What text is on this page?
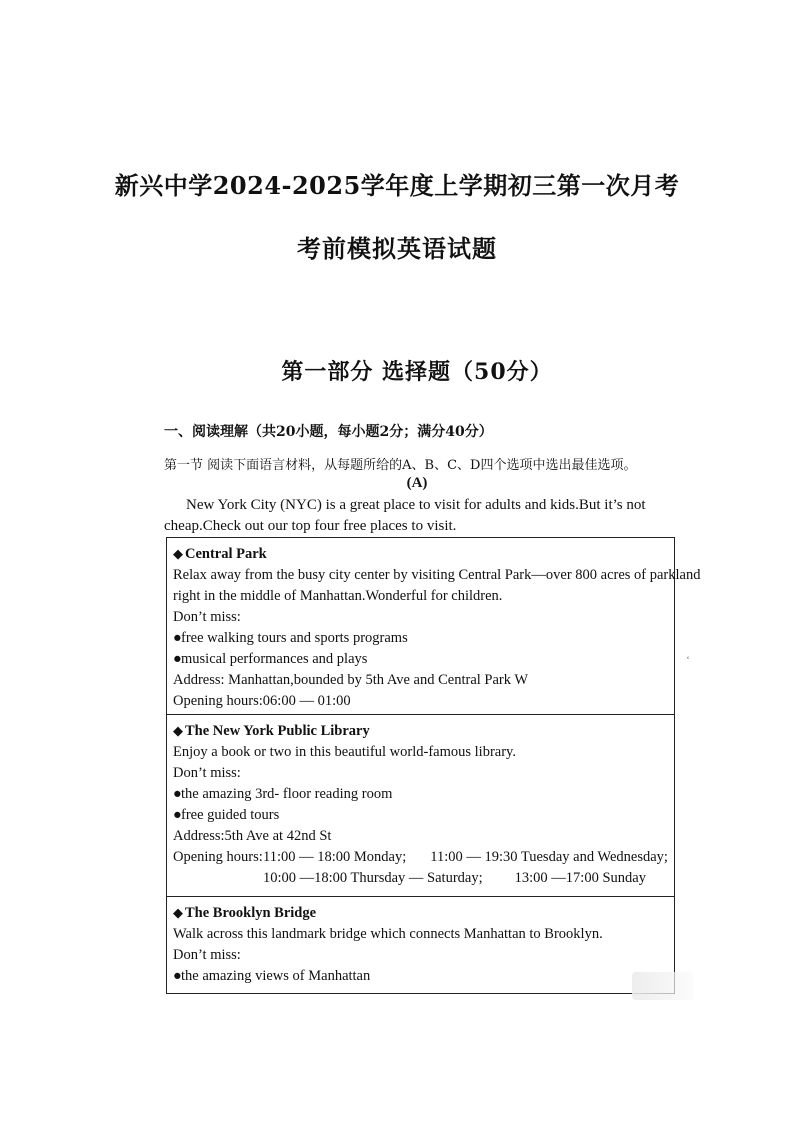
新兴中学2024-2025学年度上学期初三第一次月考
考前模拟英语试题
第一部分 选择题（50分）
一、阅读理解（共20小题，每小题2分；满分40分）
第一节 阅读下面语言材料，从每题所给的A、B、C、D四个选项中选出最佳选项。
(A)
New York City (NYC) is a great place to visit for adults and kids.But it’s not cheap.Check out our top four free places to visit.
◆ Central Park
Relax away from the busy city center by visiting Central Park—over 800 acres of parkland
right in the middle of Manhattan.Wonderful for children.
Don’t miss:
●free walking tours and sports programs
●musical performances and plays
Address: Manhattan,bounded by 5th Ave and Central Park W
Opening hours:06:00 — 01:00
◆ The New York Public Library
Enjoy a book or two in this beautiful world-famous library.
Don’t miss:
●the amazing 3rd- floor reading room
●free guided tours
Address:5th Ave at 42nd St
Opening hours:11:00 — 18:00 Monday; 11:00 — 19:30 Tuesday and Wednesday;
10:00 —18:00 Thursday — Saturday; 13:00 —17:00 Sunday
◆ The Brooklyn Bridge
Walk across this landmark bridge which connects Manhattan to Brooklyn.
Don’t miss:
●the amazing views of Manhattan
ʿ
